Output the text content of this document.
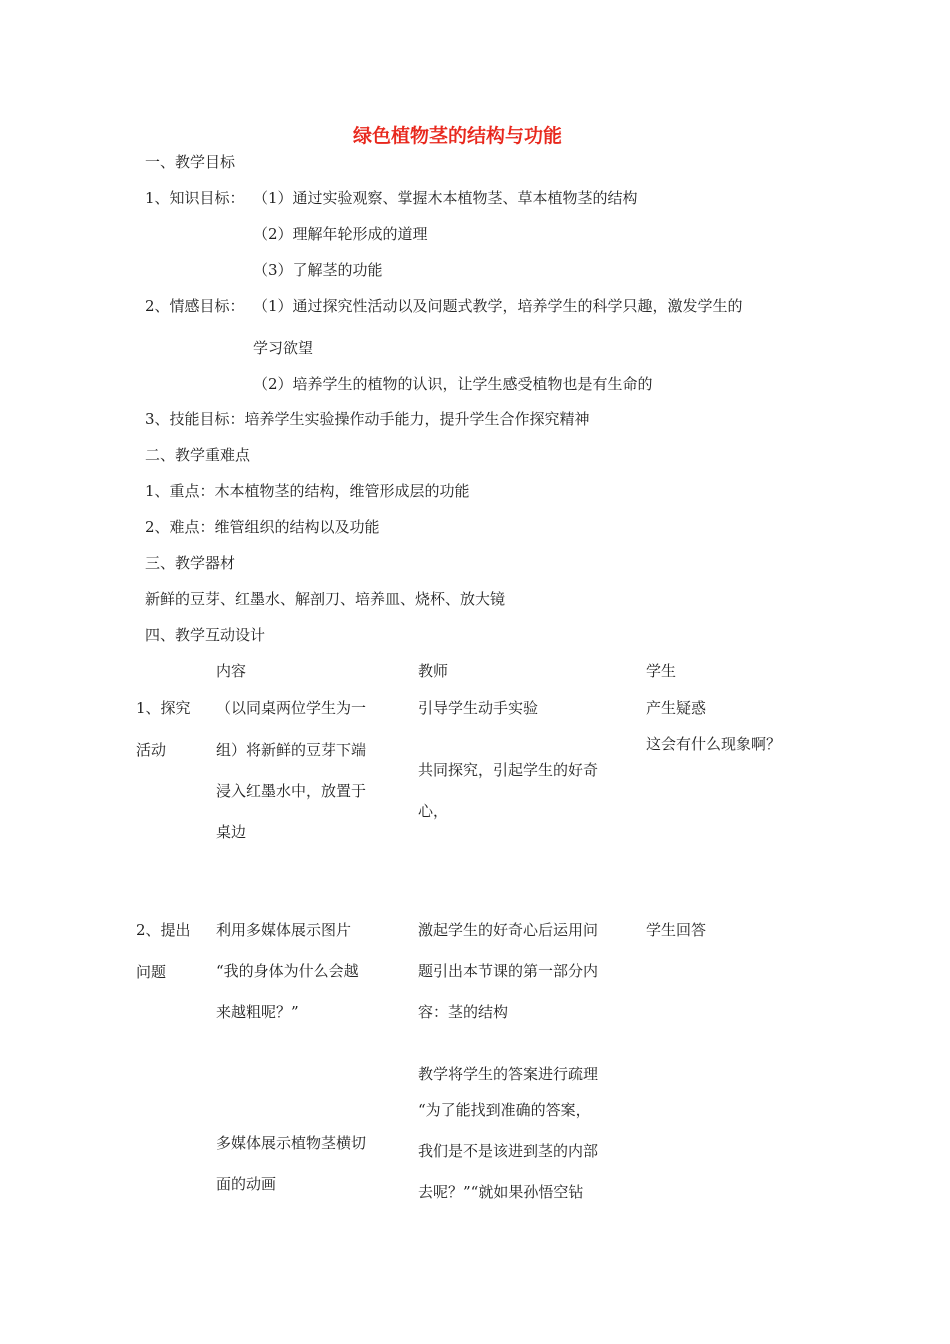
绿色植物茎的结构与功能
一、教学目标
1、知识目标： （1）通过实验观察、掌握木本植物茎、草本植物茎的结构
（2）理解年轮形成的道理
（3）了解茎的功能
2、情感目标： （1）通过探究性活动以及问题式教学，培养学生的科学只趣，激发学生的
学习欲望
（2）培养学生的植物的认识，让学生感受植物也是有生命的
3、技能目标：培养学生实验操作动手能力，提升学生合作探究精神
二、教学重难点
1、重点：木本植物茎的结构，维管形成层的功能
2、难点：维管组织的结构以及功能
三、教学器材
新鲜的豆芽、红墨水、解剖刀、培养皿、烧杯、放大镜
四、教学互动设计
内容	教师	学生
1、探究
活动
（以同桌两位学生为一
组）将新鲜的豆芽下端
浸入红墨水中，放置于
桌边
引导学生动手实验
共同探究，引起学生的好奇
心，
产生疑惑
这会有什么现象啊？
2、提出
问题
利用多媒体展示图片
“我的身体为什么会越
来越粗呢？”
多媒体展示植物茎横切
面的动画
激起学生的好奇心后运用问
题引出本节课的第一部分内
容：茎的结构
教学将学生的答案进行疏理
“为了能找到准确的答案，
我们是不是该进到茎的内部
去呢？”“就如果孙悟空钻
学生回答
